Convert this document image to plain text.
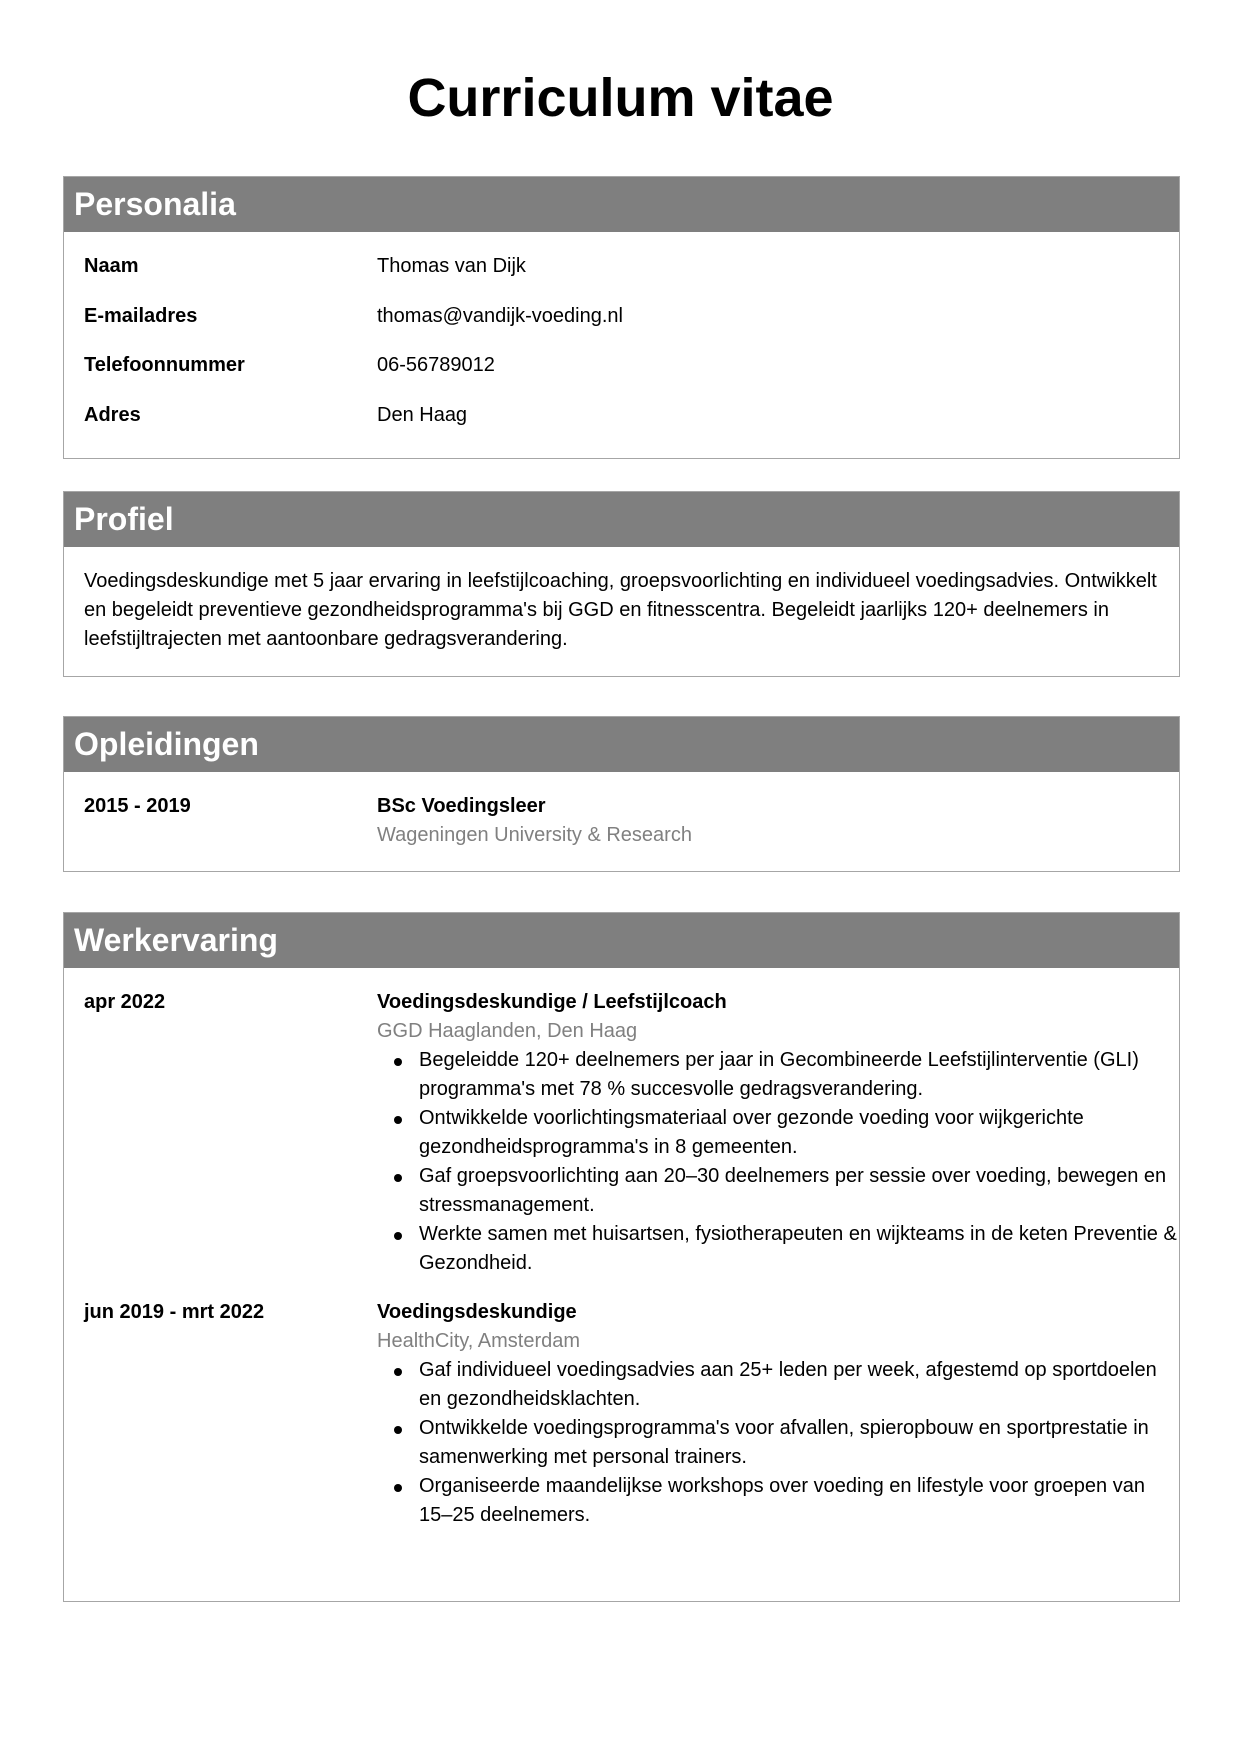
Curriculum vitae
Personalia
Naam	Thomas van Dijk
E-mailadres	thomas@vandijk-voeding.nl
Telefoonnummer	06-56789012
Adres	Den Haag
Profiel
Voedingsdeskundige met 5 jaar ervaring in leefstijlcoaching, groepsvoorlichting en individueel voedingsadvies. Ontwikkelt en begeleidt preventieve gezondheidsprogramma's bij GGD en fitnesscentra. Begeleidt jaarlijks 120+ deelnemers in leefstijltrajecten met aantoonbare gedragsverandering.
Opleidingen
2015 - 2019	BSc Voedingsleer
Wageningen University & Research
Werkervaring
apr 2022	Voedingsdeskundige / Leefstijlcoach
GGD Haaglanden, Den Haag
Begeleidde 120+ deelnemers per jaar in Gecombineerde Leefstijlinterventie (GLI) programma's met 78 % succesvolle gedragsverandering.
Ontwikkelde voorlichtingsmateriaal over gezonde voeding voor wijkgerichte gezondheidsprogramma's in 8 gemeenten.
Gaf groepsvoorlichting aan 20–30 deelnemers per sessie over voeding, bewegen en stressmanagement.
Werkte samen met huisartsen, fysiotherapeuten en wijkteams in de keten Preventie & Gezondheid.
jun 2019 - mrt 2022	Voedingsdeskundige
HealthCity, Amsterdam
Gaf individueel voedingsadvies aan 25+ leden per week, afgestemd op sportdoelen en gezondheidsklachten.
Ontwikkelde voedingsprogramma's voor afvallen, spieropbouw en sportprestatie in samenwerking met personal trainers.
Organiseerde maandelijkse workshops over voeding en lifestyle voor groepen van 15–25 deelnemers.
